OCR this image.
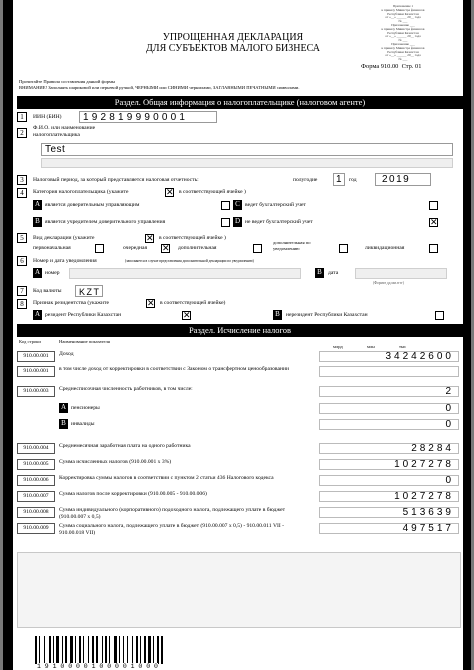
Приложение 1
к приказу Министра финансов
Республики Казахстан
от «__» ______ 20__ года
№ ___
Приложение ___
к приказу Министра финансов
Республики Казахстан
от «__» ______ 20__ года
№ ___
Приложение ___
к приказу Министра финансов
Республики Казахстан
от «__» ______ 20__ года
№ ___
УПРОЩЕННАЯ ДЕКЛАРАЦИЯ
ДЛЯ СУБЪЕКТОВ МАЛОГО БИЗНЕСА
Форма 910.00 Стр. 01
Прочитайте Правила составления данной формы
ВНИМАНИЕ! Заполнять шариковой или перьевой ручкой, ЧЕРНЫМИ или СИНИМИ чернилами, ЗАГЛАВНЫМИ ПЕЧАТНЫМИ символами.
Раздел. Общая информация о налогоплательщике (налоговом агенте)
1	ИИН (БИН)	192819990001
2
Ф.И.О. или наименование налогоплательщика
Test
3	Налоговый период, за который представляется налоговая отчетность:	полугодие	1	год	2019
4	Категория налогоплательщика (укажите	✕ в соответствующей ячейке )
A является доверительным управляющим	C ведет бухгалтерский учет
B является учредителем доверительного управления	D не ведет бухгалтерский учет	✕
5	Вид декларации (укажите	✕ в соответствующей ячейке )
первоначальная	очередная ✕ дополнительная
дополнительная по уведомлению	ликвидационная
6	Номер и дата уведомления	(заполняется в случае представления дополнительной декларации по уведомлению)
A номер	B	дата
(Формат дд.мм.гггг)
7	Код валюты	KZT
8	Признак резидентства (укажите	✕ в соответствующей ячейке)
A резидент Республики Казахстан	✕	B	нерезидент Республики Казахстан
Раздел. Исчисление налогов
Код строки	Наименование показателя
млрд	млн	тыс
910.00.001	Доход	34242600
910.00.001	в том числе доход от корректировки в соответствии с Законом о трансфертном ценообразовании
910.00.003	Среднесписочная численность работников, в том числе:	2
A пенсионеры	0
B инвалиды	0
910.00.004	Среднемесячная заработная плата на одного работника	28284
910.00.005	Сумма исчисленных налогов (910.00.001 x 3%)	1027278
910.00.006	Корректировка суммы налогов в соответствии с пунктом 2 статьи 436 Налогового кодекса	0
910.00.007	Сумма налогов после корректировки (910.00.005 - 910.00.006)	1027278
910.00.008	Сумма индивидуального (корпоративного) подоходного налога, подлежащего уплате в бюджет (910.00.007 x 0,5)	513639
910.00.009	Сумма социального налога, подлежащего уплате в бюджет (910.00.007 x 0,5) - 910.00.011 VII - 910.00.018 VII)	497517
1 9 1 0 0 0 0 1 0 0 0 0 1 0 0 0
